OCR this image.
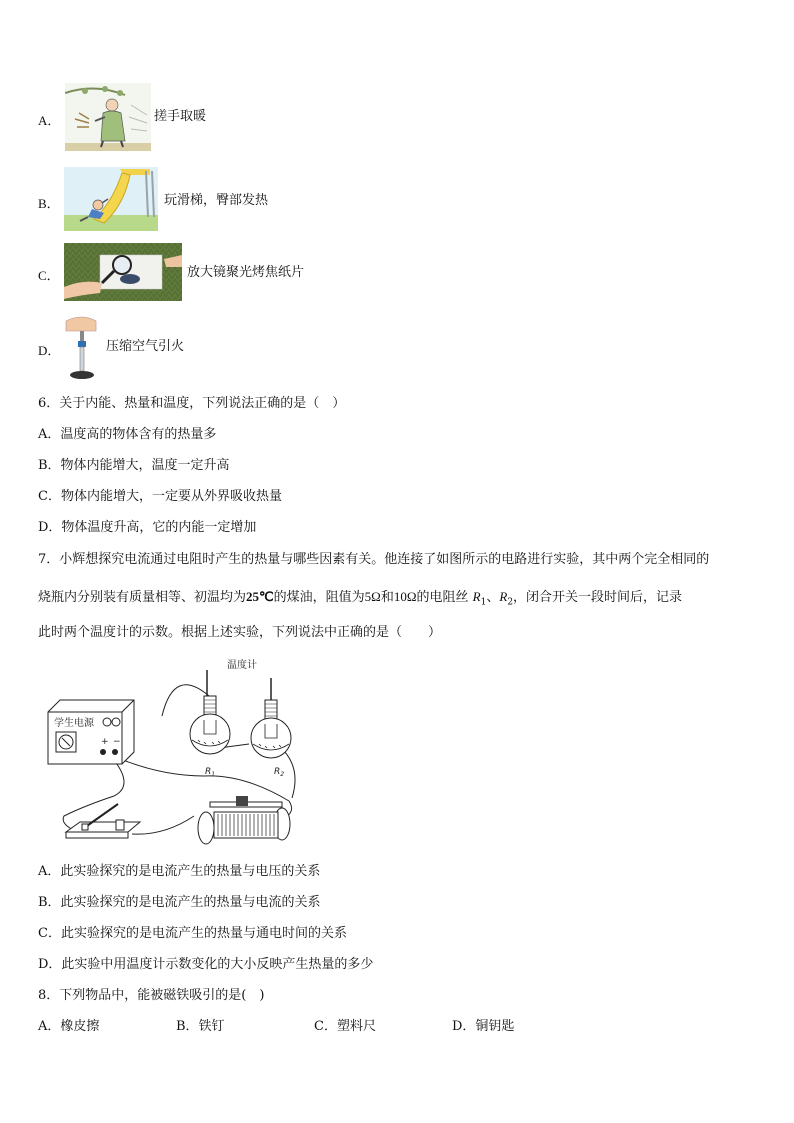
A．	搓手取暖
B．	玩滑梯，臀部发热
C．	放大镜聚光烤焦纸片
D．	压缩空气引火
6．关于内能、热量和温度，下列说法正确的是（　）
A．温度高的物体含有的热量多
B．物体内能增大，温度一定升高
C．物体内能增大，一定要从外界吸收热量
D．物体温度升高，它的内能一定增加
7．小辉想探究电流通过电阻时产生的热量与哪些因素有关。他连接了如图所示的电路进行实验，其中两个完全相同的
烧瓶内分别装有质量相等、初温均为25℃的煤油，阻值为5Ω和10Ω的电阻丝 $R_1$、$R_2$，闭合开关一段时间后，记录
此时两个温度计的示数。根据上述实验，下列说法中正确的是（　　）
温度计
学生电源
+ −
$R_1$	$R_2$
A．此实验探究的是电流产生的热量与电压的关系
B．此实验探究的是电流产生的热量与电流的关系
C．此实验探究的是电流产生的热量与通电时间的关系
D．此实验中用温度计示数变化的大小反映产生热量的多少
8．下列物品中，能被磁铁吸引的是(　)
A．橡皮擦	B．铁钉	C．塑料尺	D．铜钥匙
